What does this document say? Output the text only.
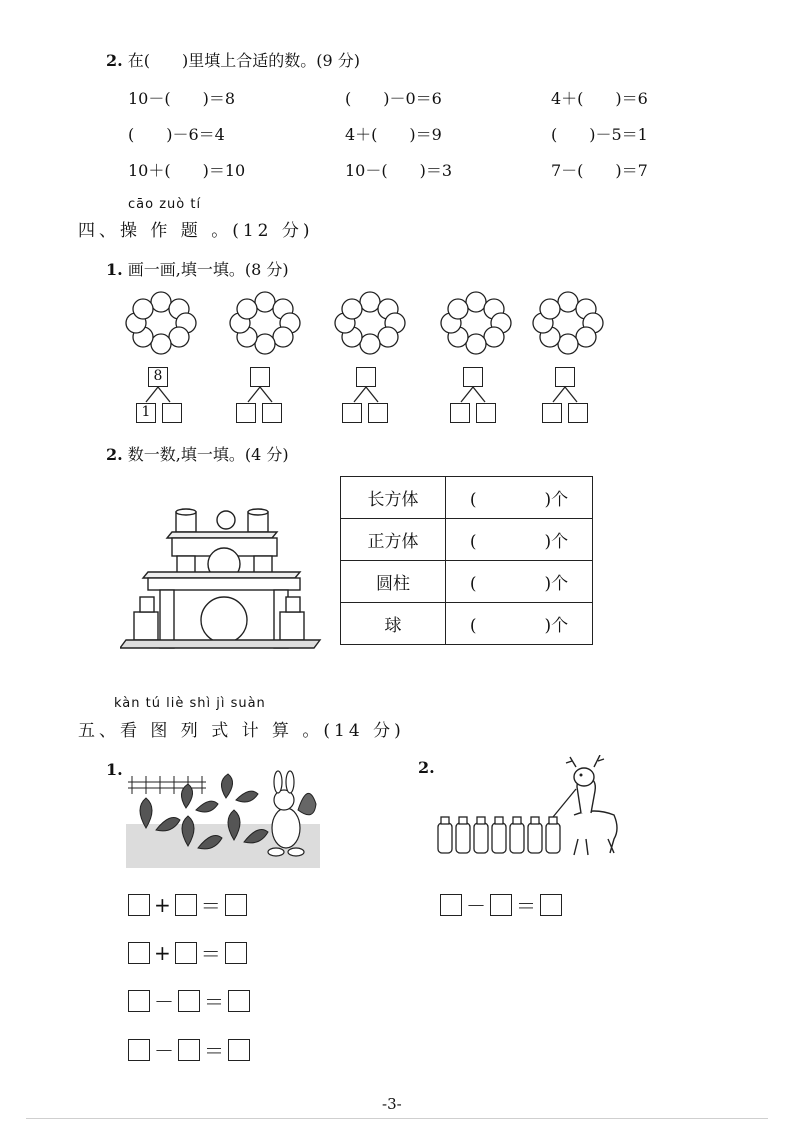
2. 在(　　)里填上合适的数。(9 分)
10－(　　)＝8	(　　)－0＝6	4＋(　　)＝6
(　　)－6＝4	4＋(　　)＝9	(　　)－5＝1
10＋(　　)＝10	10－(　　)＝3	7－(　　)＝7
cāo zuò tí
四、操 作 题 。(12 分)
1. 画一画,填一填。(8 分)
8
1
2. 数一数,填一填。(4 分)
长方体	(　　　　)个
正方体	(　　　　)个
圆柱	(　　　　)个
球	(　　　　)个
kàn tú liè shì jì suàn
五、看 图 列 式 计 算 。(14 分)
1.	2.
+ ＝
+ ＝
－ ＝
－ ＝
－ ＝
-3-
